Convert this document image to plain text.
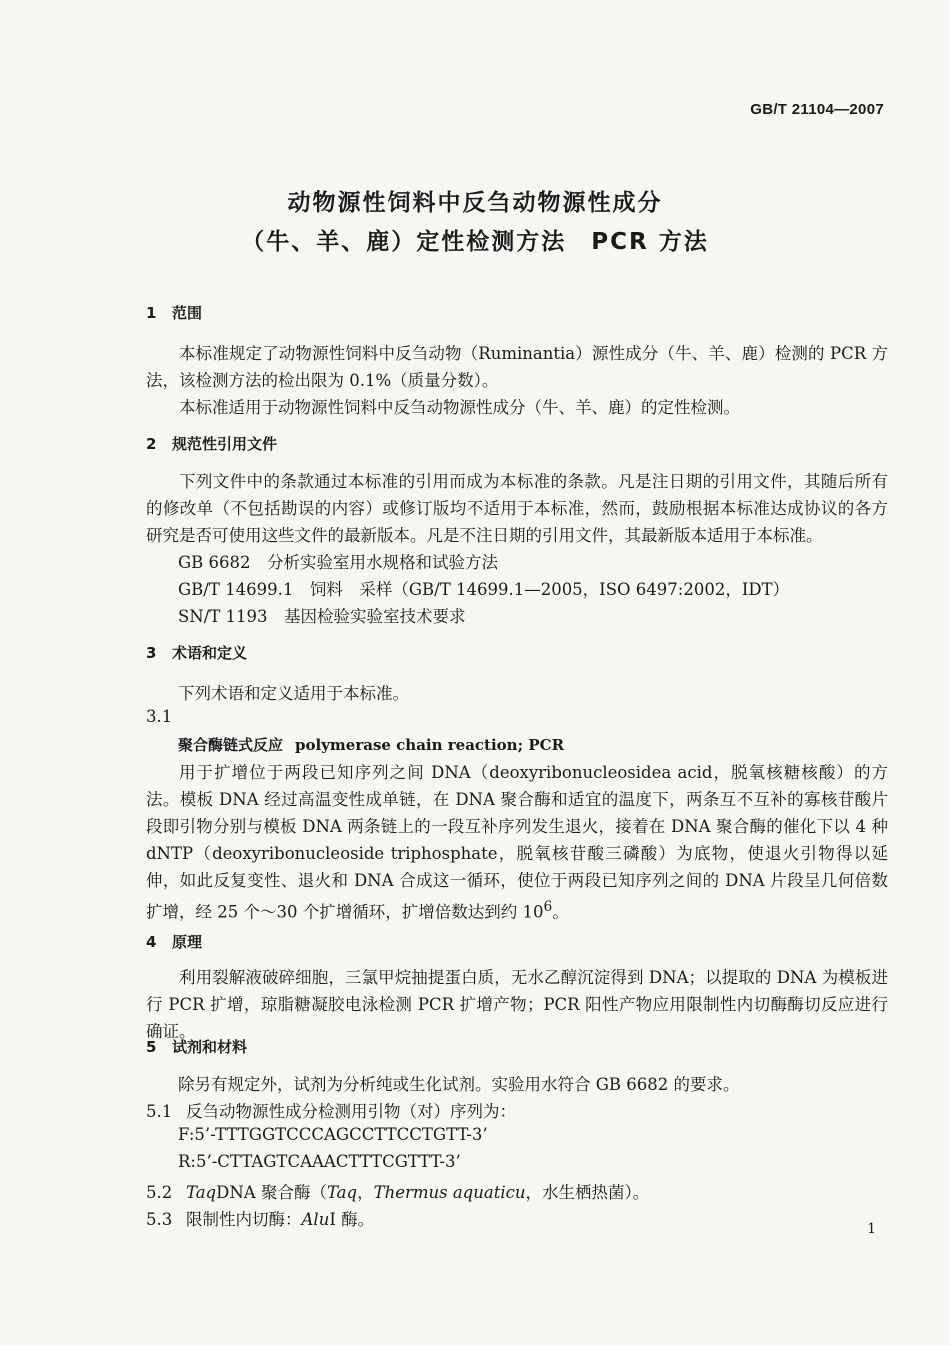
GB/T 21104—2007
动物源性饲料中反刍动物源性成分
（牛、羊、鹿）定性检测方法　PCR 方法
1 范围
本标准规定了动物源性饲料中反刍动物（Ruminantia）源性成分（牛、羊、鹿）检测的 PCR 方法，该检测方法的检出限为 0.1%（质量分数）。
本标准适用于动物源性饲料中反刍动物源性成分（牛、羊、鹿）的定性检测。
2 规范性引用文件
下列文件中的条款通过本标准的引用而成为本标准的条款。凡是注日期的引用文件，其随后所有的修改单（不包括勘误的内容）或修订版均不适用于本标准，然而，鼓励根据本标准达成协议的各方研究是否可使用这些文件的最新版本。凡是不注日期的引用文件，其最新版本适用于本标准。
GB 6682　分析实验室用水规格和试验方法
GB/T 14699.1　饲料　采样（GB/T 14699.1—2005，ISO 6497:2002，IDT）
SN/T 1193　基因检验实验室技术要求
3 术语和定义
下列术语和定义适用于本标准。
3.1
聚合酶链式反应 polymerase chain reaction; PCR
用于扩增位于两段已知序列之间 DNA（deoxyribonucleosidea acid，脱氧核糖核酸）的方法。模板 DNA 经过高温变性成单链，在 DNA 聚合酶和适宜的温度下，两条互不互补的寡核苷酸片段即引物分别与模板 DNA 两条链上的一段互补序列发生退火，接着在 DNA 聚合酶的催化下以 4 种 dNTP（deoxyribonucleoside triphosphate，脱氧核苷酸三磷酸）为底物，使退火引物得以延伸，如此反复变性、退火和 DNA 合成这一循环，使位于两段已知序列之间的 DNA 片段呈几何倍数扩增，经 25 个～30 个扩增循环，扩增倍数达到约 $10^6$。
4 原理
利用裂解液破碎细胞，三氯甲烷抽提蛋白质，无水乙醇沉淀得到 DNA；以提取的 DNA 为模板进行 PCR 扩增，琼脂糖凝胶电泳检测 PCR 扩增产物；PCR 阳性产物应用限制性内切酶酶切反应进行确证。
5 试剂和材料
除另有规定外，试剂为分析纯或生化试剂。实验用水符合 GB 6682 的要求。
5.1 反刍动物源性成分检测用引物（对）序列为：
F:5’-TTTGGTCCCAGCCTTCCTGTT-3’
R:5’-CTTAGTCAAACTTTCGTTT-3’
5.2 TaqDNA 聚合酶（Taq，Thermus aquaticu，水生栖热菌）。
5.3 限制性内切酶：AluI 酶。	1
